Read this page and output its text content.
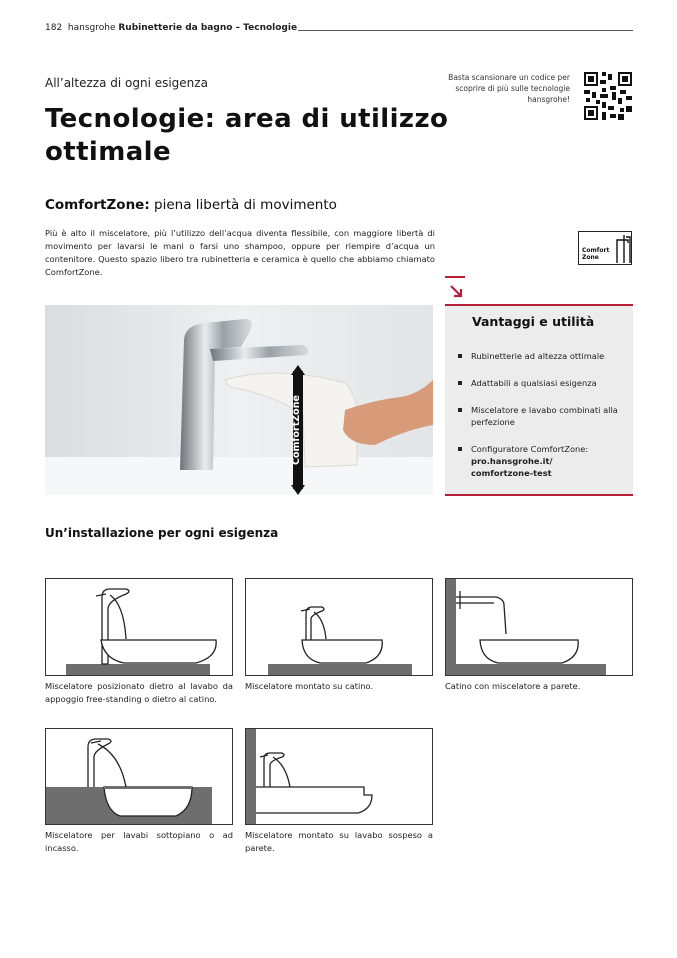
182 hansgrohe Rubinetterie da bagno – Tecnologie
All’altezza di ogni esigenza
Tecnologie: area di utilizzo ottimale
Basta scansionare un codice per scoprire di più sulle tecnologie hansgrohe!
ComfortZone: piena libertà di movimento
Più è alto il miscelatore, più l’utilizzo dell’acqua diventa flessibile, con maggiore libertà di movimento per lavarsi le mani o farsi uno shampoo, oppure per riempire d’acqua un contenitore. Questo spazio libero tra rubinetteria e ceramica è quello che abbiamo chiamato ComfortZone.
Comfort
Zone
ComfortZone
Vantaggi e utilità
Rubinetterie ad altezza ottimale
Adattabili a qualsiasi esigenza
Miscelatore e lavabo combinati alla perfezione
Configuratore ComfortZone:
pro.hansgrohe.it/
comfortzone-test
Un’installazione per ogni esigenza
Miscelatore posizionato dietro al lavabo da appoggio free-standing o dietro al catino.
Miscelatore montato su catino.	Catino con miscelatore a parete.
Miscelatore per lavabi sottopiano o ad incasso.
Miscelatore montato su lavabo sospeso a parete.
